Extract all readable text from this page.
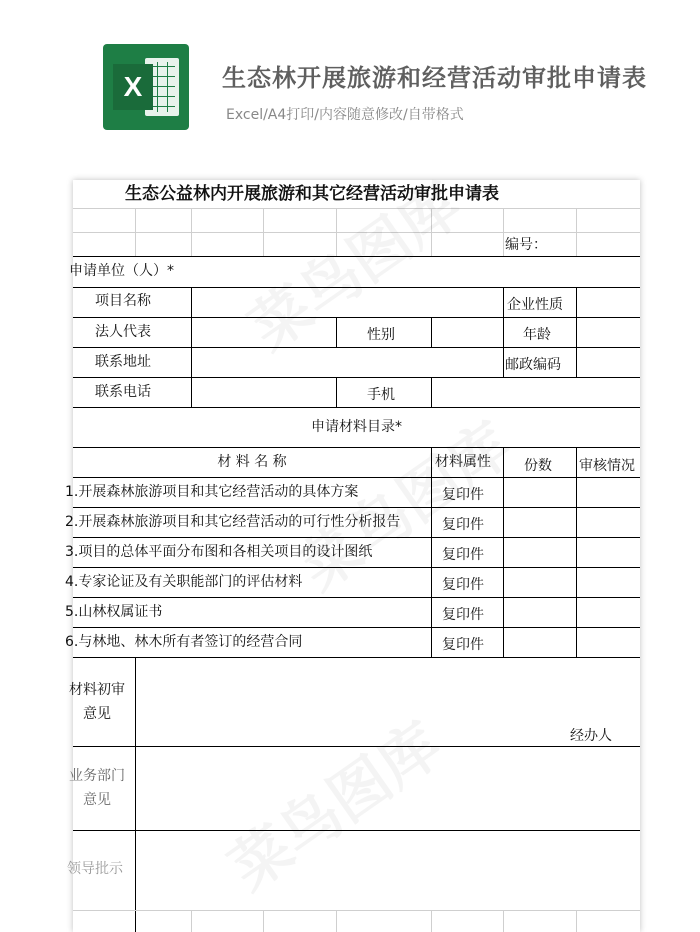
X	生态林开展旅游和经营活动审批申请表
Excel/A4打印/内容随意修改/自带格式
生态公益林内开展旅游和其它经营活动审批申请表
编号：
申请单位（人）*
项目名称	企业性质
法人代表	性别	年龄
联系地址	邮政编码
联系电话	手机
申请材料目录*
材 料 名 称	材料属性 份数 审核情况
1.开展森林旅游项目和其它经营活动的具体方案	复印件
2.开展森林旅游项目和其它经营活动的可行性分析报告	复印件
3.项目的总体平面分布图和各相关项目的设计图纸	复印件
4.专家论证及有关职能部门的评估材料	复印件
5.山林权属证书	复印件
6.与林地、林木所有者签订的经营合同	复印件
材料初审
意见
经办人
业务部门
意见
领导批示
